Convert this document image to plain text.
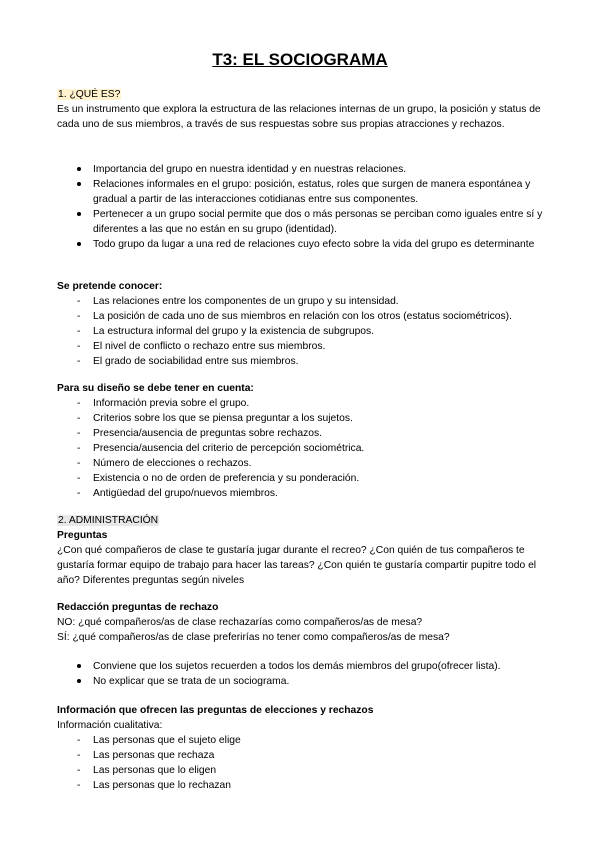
T3: EL SOCIOGRAMA

1. ¿QUÉ ES?

Es un instrumento que explora la estructura de las relaciones internas de un grupo, la posición y status de cada uno de sus miembros, a través de sus respuestas sobre sus propias atracciones y rechazos.

Importancia del grupo en nuestra identidad y en nuestras relaciones.
Relaciones informales en el grupo: posición, estatus, roles que surgen de manera espontánea y gradual a partir de las interacciones cotidianas entre sus componentes.
Pertenecer a un grupo social permite que dos o más personas se perciban como iguales entre sí y diferentes a las que no están en su grupo (identidad).
Todo grupo da lugar a una red de relaciones cuyo efecto sobre la vida del grupo es determinante

Se pretende conocer:

- Las relaciones entre los componentes de un grupo y su intensidad.
- La posición de cada uno de sus miembros en relación con los otros (estatus sociométricos).
- La estructura informal del grupo y la existencia de subgrupos.
- El nivel de conflicto o rechazo entre sus miembros.
- El grado de sociabilidad entre sus miembros.

Para su diseño se debe tener en cuenta:

- Información previa sobre el grupo.
- Criterios sobre los que se piensa preguntar a los sujetos.
- Presencia/ausencia de preguntas sobre rechazos.
- Presencia/ausencia del criterio de percepción sociométrica.
- Número de elecciones o rechazos.
- Existencia o no de orden de preferencia y su ponderación.
- Antigüedad del grupo/nuevos miembros.

2. ADMINISTRACIÓN

Preguntas

¿Con qué compañeros de clase te gustaría jugar durante el recreo? ¿Con quién de tus compañeros te gustaría formar equipo de trabajo para hacer las tareas? ¿Con quién te gustaría compartir pupitre todo el año? Diferentes preguntas según niveles

Redacción preguntas de rechazo

NO: ¿qué compañeros/as de clase rechazarías como compañeros/as de mesa?

SÍ: ¿qué compañeros/as de clase preferirías no tener como compañeros/as de mesa?

Conviene que los sujetos recuerden a todos los demás miembros del grupo(ofrecer lista).
No explicar que se trata de un sociograma.

Información que ofrecen las preguntas de elecciones y rechazos

Información cualitativa:

- Las personas que el sujeto elige
- Las personas que rechaza
- Las personas que lo eligen
- Las personas que lo rechazan
